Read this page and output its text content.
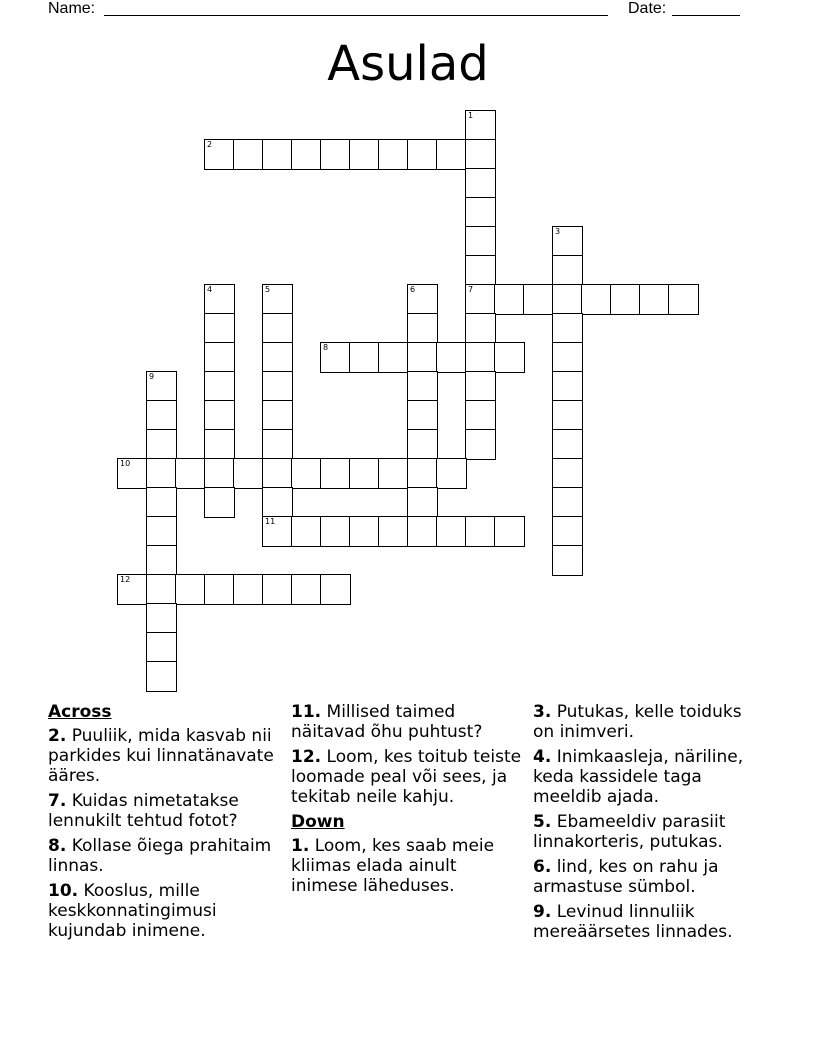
Name:	Date:
Asulad
1
2
3
4	5	6	7
8
9
10
11
12
Across
2. Puuliik, mida kasvab nii parkides kui linnatänavate ääres.
7. Kuidas nimetatakse lennukilt tehtud fotot?
8. Kollase õiega prahitaim linnas.
10. Kooslus, mille keskkonnatingimusi kujundab inimene.
11. Millised taimed näitavad õhu puhtust?
12. Loom, kes toitub teiste loomade peal või sees, ja tekitab neile kahju.
Down
1. Loom, kes saab meie kliimas elada ainult inimese läheduses.
3. Putukas, kelle toiduks on inimveri.
4. Inimkaasleja, näriline, keda kassidele taga meeldib ajada.
5. Ebameeldiv parasiit linnakorteris, putukas.
6. lind, kes on rahu ja armastuse sümbol.
9. Levinud linnuliik mereäärsetes linnades.
